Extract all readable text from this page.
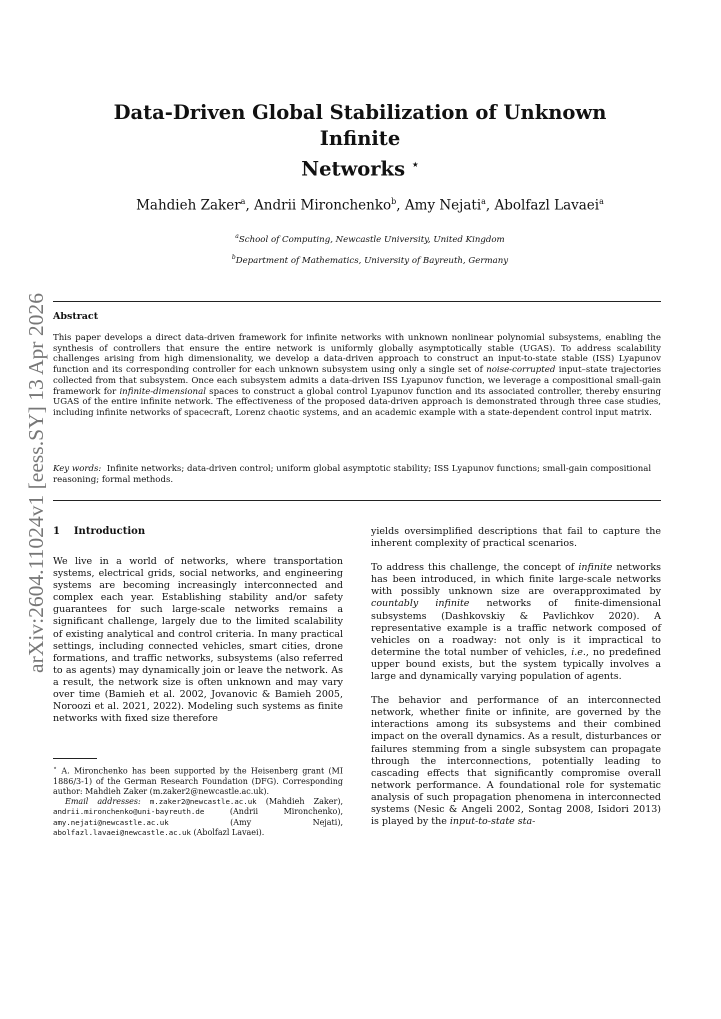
Data-Driven Global Stabilization of Unknown Infinite
Networks ⋆
Mahdieh Zaker$^a$, Andrii Mironchenko$^b$, Amy Nejati$^a$, Abolfazl Lavaei$^a$
$^a$School of Computing, Newcastle University, United Kingdom
$^b$Department of Mathematics, University of Bayreuth, Germany
arXiv:2604.11024v1 [eess.SY] 13 Apr 2026 Abstract
This paper develops a direct data-driven framework for infinite networks with unknown nonlinear polynomial subsystems, enabling the synthesis of controllers that ensure the entire network is uniformly globally asymptotically stable (UGAS). To address scalability challenges arising from high dimensionality, we develop a data-driven approach to construct an input-to-state stable (ISS) Lyapunov function and its corresponding controller for each unknown subsystem using only a single set of noise-corrupted input–state trajectories collected from that subsystem. Once each subsystem admits a data-driven ISS Lyapunov function, we leverage a compositional small-gain framework for infinite-dimensional spaces to construct a global control Lyapunov function and its associated controller, thereby ensuring UGAS of the entire infinite network. The effectiveness of the proposed data-driven approach is demonstrated through three case studies, including infinite networks of spacecraft, Lorenz chaotic systems, and an academic example with a state-dependent control input matrix.
Key words: Infinite networks; data-driven control; uniform global asymptotic stability; ISS Lyapunov functions; small-gain compositional reasoning; formal methods.
1    Introduction

We live in a world of networks, where transportation systems, electrical grids, social networks, and engineering systems are becoming increasingly interconnected and complex each year. Establishing stability and/or safety guarantees for such large-scale networks remains a significant challenge, largely due to the limited scalability of existing analytical and control criteria. In many practical settings, including connected vehicles, smart cities, drone formations, and traffic networks, subsystems (also referred to as agents) may dynamically join or leave the network. As a result, the network size is often unknown and may vary over time (Bamieh et al. 2002, Jovanovic & Bamieh 2005, Noroozi et al. 2021, 2022). Modeling such systems as finite networks with fixed size therefore

⋆ A. Mironchenko has been supported by the Heisenberg grant (MI 1886/3-1) of the German Research Foundation (DFG). Corresponding author: Mahdieh Zaker (m.zaker2@newcastle.ac.uk).

Email addresses: m.zaker2@newcastle.ac.uk (Mahdieh Zaker), andrii.mironchenko@uni-bayreuth.de (Andrii Mironchenko), amy.nejati@newcastle.ac.uk (Amy Nejati), abolfazl.lavaei@newcastle.ac.uk (Abolfazl Lavaei).

yields oversimplified descriptions that fail to capture the inherent complexity of practical scenarios.

To address this challenge, the concept of infinite networks has been introduced, in which finite large-scale networks with possibly unknown size are overapproximated by countably infinite networks of finite-dimensional subsystems (Dashkovskiy & Pavlichkov 2020). A representative example is a traffic network composed of vehicles on a roadway: not only is it impractical to determine the total number of vehicles, i.e., no predefined upper bound exists, but the system typically involves a large and dynamically varying population of agents.

The behavior and performance of an interconnected network, whether finite or infinite, are governed by the interactions among its subsystems and their combined impact on the overall dynamics. As a result, disturbances or failures stemming from a single subsystem can propagate through the interconnections, potentially leading to cascading effects that significantly compromise overall network performance. A foundational role for systematic analysis of such propagation phenomena in interconnected systems (Nesic & Angeli 2002, Sontag 2008, Isidori 2013) is played by the input-to-state sta-
